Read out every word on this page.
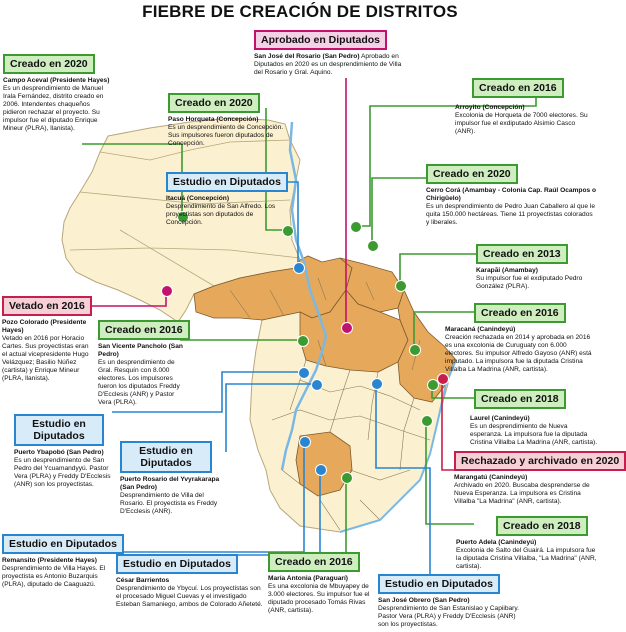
FIEBRE DE CREACIÓN DE DISTRITOS
Creado en 2020
Campo Aceval (Presidente Hayes)
Es un desprendimiento de Manuel Irala Fernández, distrito creado en 2006. Intendentes chaqueños pidieron rechazar el proyecto. Su impulsor fue el diputado Enrique Mineur (PLRA), llanista).
Aprobado en Diputados
San José del Rosario (San Pedro) Aprobado en Diputados en 2020 es un desprendimiento de Villa del Rosario y Gral. Aquino.
Creado en 2020
Paso Horqueta (Concepción)
Es un desprendimiento de Concepción. Sus impulsores fueron diputados de Concepción.
Creado en 2016
Arroyito (Concepción)
Excolonia de Horqueta de 7000 electores. Su impulsor fue el exdiputado Alsimio Casco (ANR).
Estudio en Diputados
Itacuá (Concepción)
Desprendimiento de San Alfredo. Los proyectistas son diputados de Concepción.
Creado en 2020
Cerro Corá (Amambay - Colonia Cap. Raúl Ocampos o Chirigüelo)
Es un desprendimiento de Pedro Juan Caballero al que le quita 150.000 hectáreas. Tiene 11 proyectistas colorados y liberales.
Creado en 2013
Karapãi (Amambay)
Su impulsor fue el exdiputado Pedro González (PLRA).
Vetado en 2016
Pozo Colorado (Presidente Hayes)
Vetado en 2016 por Horacio Cartes. Sus proyectistas eran el actual vicepresidente Hugo Velázquez; Basilio Núñez (cartista) y Enrique Mineur (PLRA, llanista).
Creado en 2016
San Vicente Pancholo (San Pedro)
Es un desprendimiento de Gral. Resquín con 8.000 electores. Los impulsores fueron los diputados Freddy D'Ecclesis (ANR) y Pastor Vera (PLRA).
Creado en 2016
Maracaná (Canindeyú)
Creación rechazada en 2014 y aprobada en 2016 es una excolonia de Curuguaty con 6.000 electores. Su impulsor Alfredo Gayoso (ANR) está imputado. La impulsora fue la diputada Cristina Villalba La Madrina (ANR, cartista).
Estudio en Diputados
Puerto Ybapobó (San Pedro)
Es un desprendimiento de San Pedro del Ycuamandyyú. Pastor Vera (PLRA) y Freddy D'Ecclesis (ANR) son los proyectistas.
Estudio en Diputados
Puerto Rosario del Yvyrakarapa (San Pedro)
Desprendimiento de Villa del Rosario. El proyectista es Freddy D'Ecclesis (ANR).
Creado en 2018
Laurel (Canindeyú)
Es un desprendimiento de Nueva esperanza. La impulsora fue la diputada Cristina Villalba La Madrina (ANR, cartista).
Rechazado y archivado en 2020
Marangatú (Canindeyú)
Archivado en 2020. Buscaba desprenderse de Nueva Esperanza. La impulsora es Cristina Villalba "La Madrina" (ANR, cartista).
Creado en 2018
Puerto Adela (Canindeyú)
Excolonia de Salto del Guairá. La impulsora fue la diputada Cristina Villalba, "La Madrina" (ANR, cartista).
Estudio en Diputados
Remansito (Presidente Hayes)
Desprendimiento de Villa Hayes. El proyectista es Antonio Buzarquis (PLRA), diputado de Caaguazú.
Estudio en Diputados
César Barrientos
Desprendimiento de Ybycuí. Los proyectistas son el procesado Miguel Cuevas y el investigado Esteban Samaniego, ambos de Colorado Añeteté.
Creado en 2016
María Antonia (Paraguarí)
Es una excolonia de Mbuyapey de 3.000 electores. Su impulsor fue el diputado procesado Tomás Rivas (ANR, cartista).
Estudio en Diputados
San José Obrero (San Pedro)
Desprendimiento de San Estanislao y Capiibary. Pastor Vera (PLRA) y Freddy D'Ecclesis (ANR) son los proyectistas.
